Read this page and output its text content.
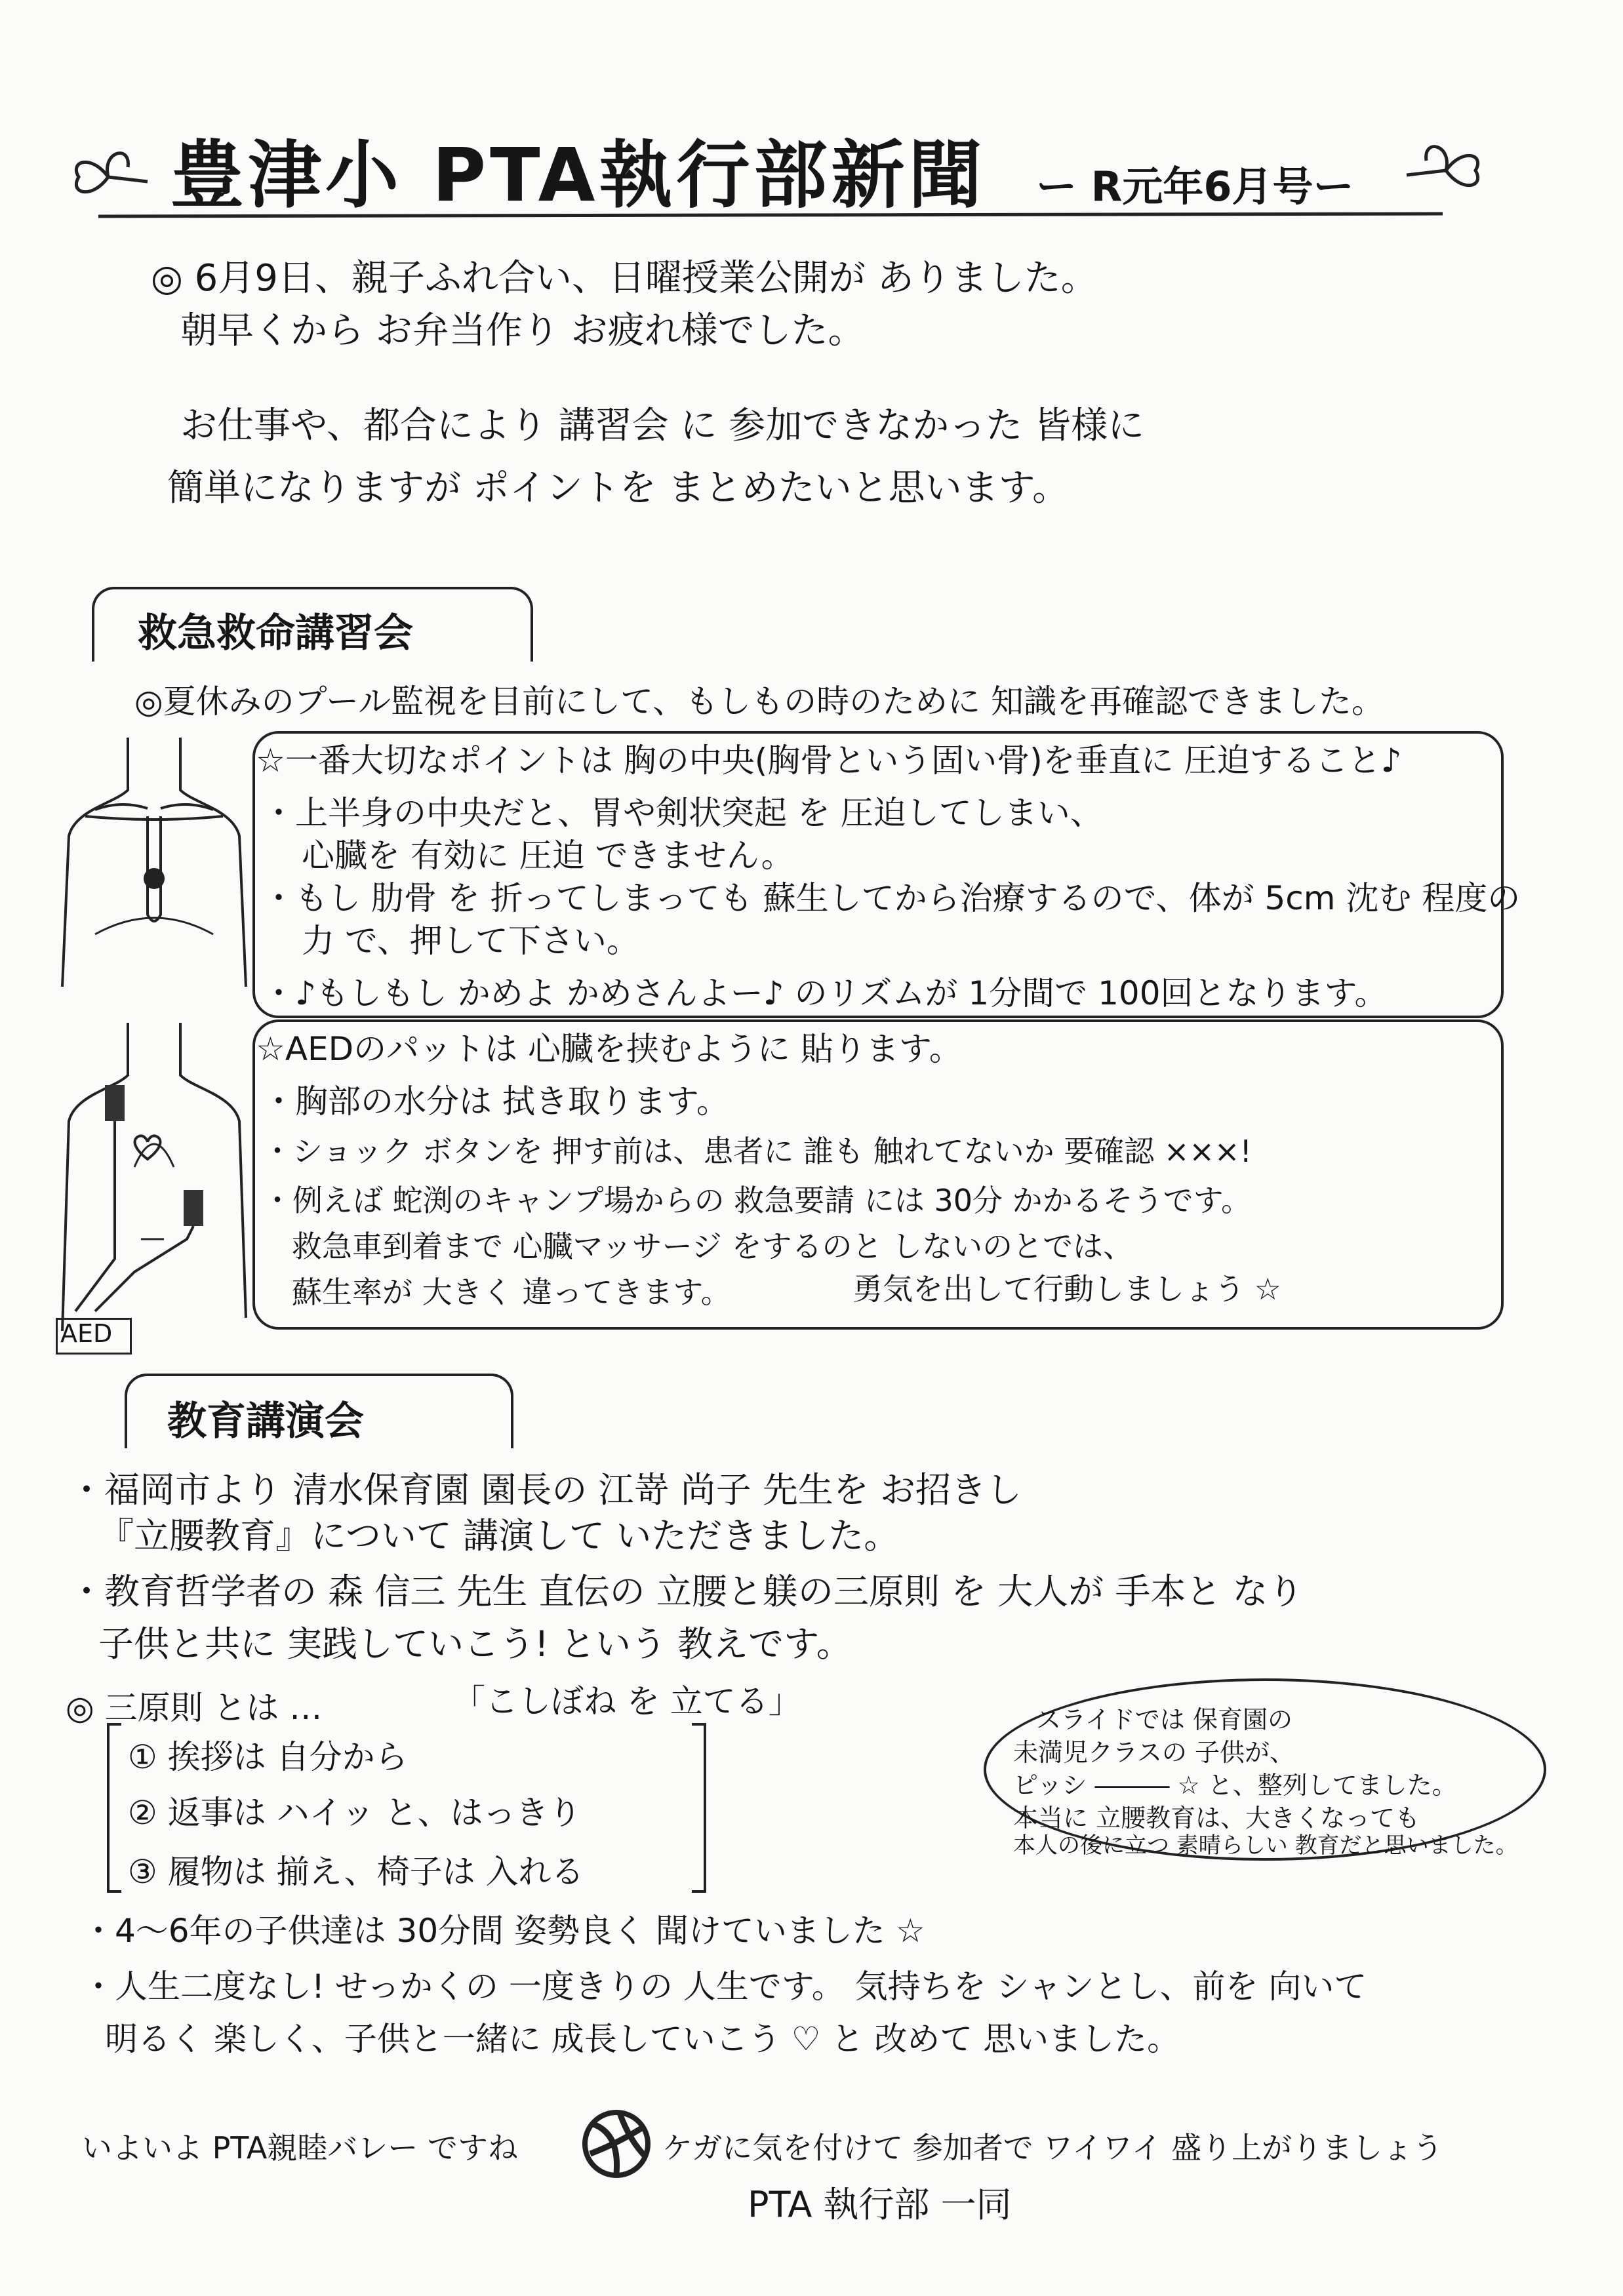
豊津小 PTA執行部新聞 ー R元年6月号ー
◎ 6月9日、親子ふれ合い、日曜授業公開が ありました。
朝早くから お弁当作り お疲れ様でした。
お仕事や、都合により 講習会 に 参加できなかった 皆様に
簡単になりますが ポイントを まとめたいと思います。
救急救命講習会
◎夏休みのプール監視を目前にして、もしもの時のために 知識を再確認できました。
☆一番大切なポイントは 胸の中央(胸骨という固い骨)を垂直に 圧迫すること♪
・上半身の中央だと、胃や剣状突起 を 圧迫してしまい、
心臓を 有効に 圧迫 できません。
・もし 肋骨 を 折ってしまっても 蘇生してから治療するので、体が 5cm 沈む 程度の
力 で、押して下さい。
・♪もしもし かめよ かめさんよー♪ のリズムが 1分間で 100回となります。
AED
☆AEDのパットは 心臓を挟むように 貼ります。
・胸部の水分は 拭き取ります。
・ショック ボタンを 押す前は、患者に 誰も 触れてないか 要確認 ×××!
・例えば 蛇渕のキャンプ場からの 救急要請 には 30分 かかるそうです。
救急車到着まで 心臓マッサージ をするのと しないのとでは、
蘇生率が 大きく 違ってきます。	勇気を出して行動しましょう ☆
教育講演会
・福岡市より 清水保育園 園長の 江嵜 尚子 先生を お招きし
『立腰教育』について 講演して いただきました。
・教育哲学者の 森 信三 先生 直伝の 立腰と躾の三原則 を 大人が 手本と なり
子供と共に 実践していこう! という 教えです。
◎ 三原則 とは …	「こしぼね を 立てる」
① 挨拶は 自分から
② 返事は ハイッ と、はっきり
③ 履物は 揃え、椅子は 入れる
スライドでは 保育園の
未満児クラスの 子供が、
ピッシ ――― ☆ と、整列してました。
本当に 立腰教育は、大きくなっても
本人の後に立つ 素晴らしい 教育だと思いました。
・4～6年の子供達は 30分間 姿勢良く 聞けていました ☆
・人生二度なし! せっかくの 一度きりの 人生です。 気持ちを シャンとし、前を 向いて
明るく 楽しく、子供と一緒に 成長していこう ♡ と 改めて 思いました。
いよいよ PTA親睦バレー ですね	ケガに気を付けて 参加者で ワイワイ 盛り上がりましょう
PTA 執行部 一同
